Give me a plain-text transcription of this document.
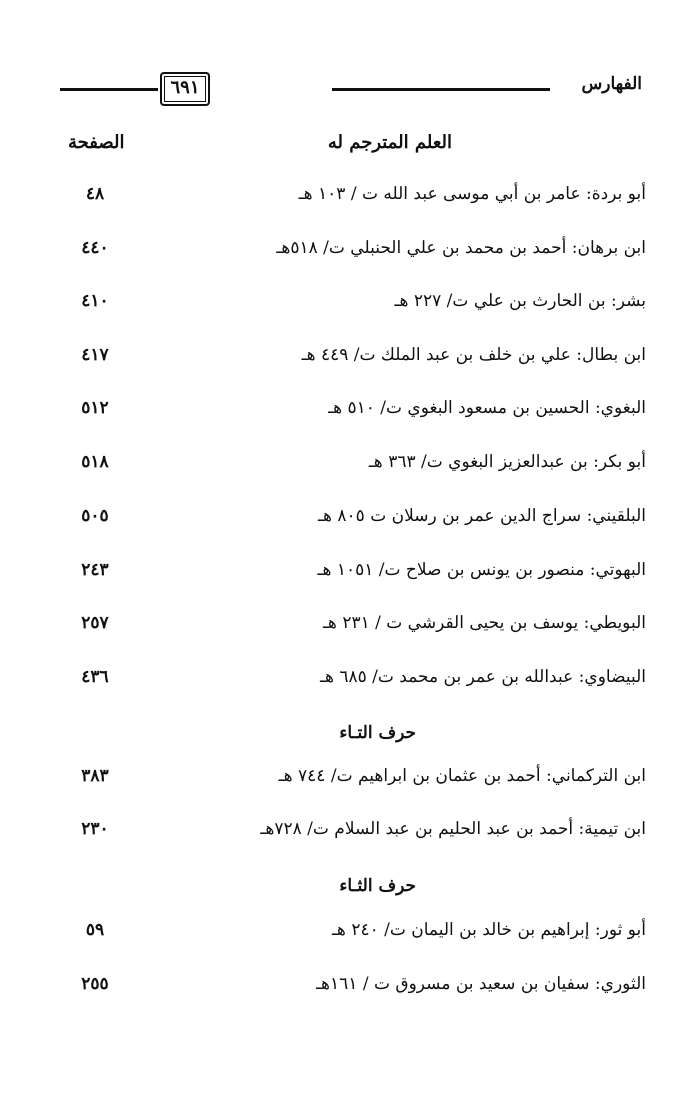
الفهارس
٦٩١
العلم المترجم له
الصفحة
أبو بردة: عامر بن أبي موسى عبد الله ت / ١٠٣ هـ
٤٨
ابن برهان: أحمد بن محمد بن علي الحنبلي ت/ ٥١٨هـ
٤٤٠
بشر: بن الحارث بن علي ت/ ٢٢٧ هـ
٤١٠
ابن بطال: علي بن خلف بن عبد الملك ت/ ٤٤٩ هـ
٤١٧
البغوي: الحسين بن مسعود البغوي ت/ ٥١٠ هـ
٥١٢
أبو بكر: بن عبدالعزيز البغوي ت/ ٣٦٣ هـ
٥١٨
البلقيني: سراج الدين عمر بن رسلان ت ٨٠٥ هـ
٥٠٥
البهوتي: منصور بن يونس بن صلاح ت/ ١٠٥١ هـ
٢٤٣
البويطي: يوسف بن يحيى القرشي ت / ٢٣١ هـ
٢٥٧
البيضاوي: عبدالله بن عمر بن محمد ت/ ٦٨٥ هـ
٤٣٦
حرف التـاء
ابن التركماني: أحمد بن عثمان بن ابراهيم ت/ ٧٤٤ هـ
٣٨٣
ابن تيمية: أحمد بن عبد الحليم بن عبد السلام ت/ ٧٢٨هـ
٢٣٠
حرف الثـاء
أبو ثور: إبراهيم بن خالد بن اليمان ت/ ٢٤٠ هـ
٥٩
الثوري: سفيان بن سعيد بن مسروق ت / ١٦١هـ
٢٥٥
